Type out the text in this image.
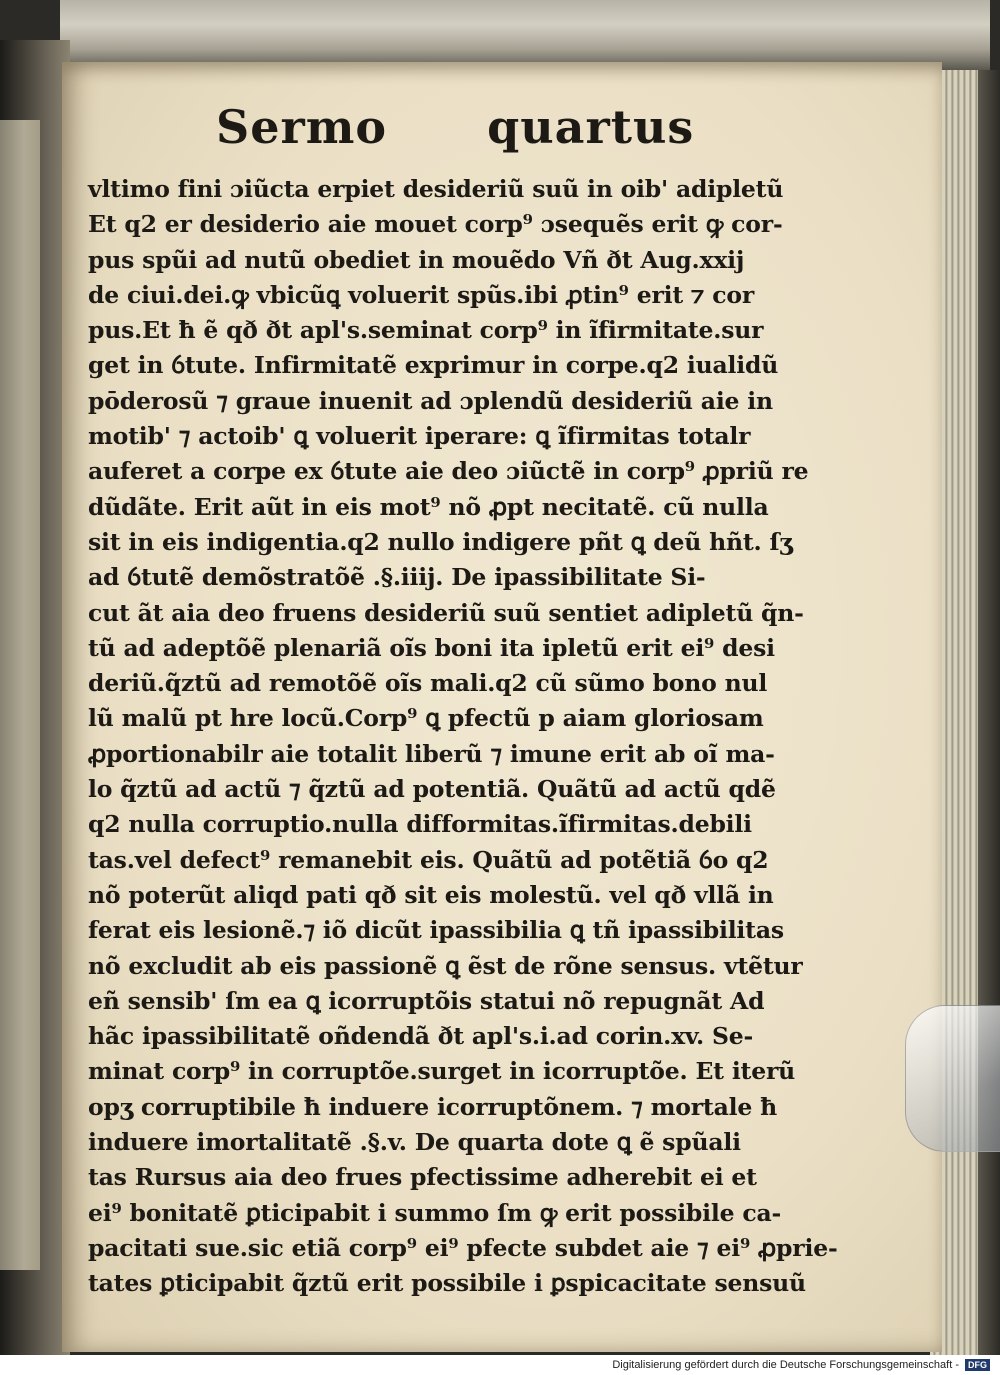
Sermo quartus
vltimo fini ɔiũcta erpiet desideriũ suũ in oib' adipletũ
Et q2 er desiderio aie mouet corp⁹ ɔsequẽs erit ꝙ cor-
pus spũi ad nutũ obediet in mouẽdo Vñ ðt Aug.xxij
de ciui.dei.ꝙ vbicũꝗ voluerit spũs.ibi ꝓtin⁹ erit ⁊ cor
pus.Et ħ ẽ qð ðt apl's.seminat corp⁹ in ĩfirmitate.sur
get in ỽtute. Infirmitatẽ exprimur in corpe.q2 iualidũ
pōderosũ ⁊ graue inuenit ad ɔplendũ desideriũ aie in
motib' ⁊ actoib' ꝗ voluerit iperare: ꝗ ĩfirmitas totalr
auferet a corpe ex ỽtute aie deo ɔiũctẽ in corp⁹ ꝓpriũ re
dũdãte. Erit aũt in eis mot⁹ nõ ꝓpt necitatẽ. cũ nulla
sit in eis indigentia.q2 nullo indigere pñt ꝗ deũ hñt. ſʒ
ad ỽtutẽ demõstratõẽ .§.iiij. De ipassibilitate Si-
cut ãt aia deo fruens desideriũ suũ sentiet adipletũ q̃n-
tũ ad adeptõẽ plenariã oĩs boni ita ipletũ erit ei⁹ desi
deriũ.q̃ztũ ad remotõẽ oĩs mali.q2 cũ sũmo bono nul
lũ malũ pt hre locũ.Corp⁹ ꝗ pfectũ p aiam gloriosam
ꝓportionabilr aie totalit liberũ ⁊ imune erit ab oĩ ma-
lo q̃ztũ ad actũ ⁊ q̃ztũ ad potentiã. Quãtũ ad actũ qdẽ
q2 nulla corruptio.nulla difformitas.ĩfirmitas.debili
tas.vel defect⁹ remanebit eis. Quãtũ ad potẽtiã ỽo q2
nõ poterũt aliqd pati qð sit eis molestũ. vel qð vllã in
ferat eis lesionẽ.⁊ iõ dicũt ipassibilia ꝗ tñ ipassibilitas
nõ excludit ab eis passionẽ ꝗ ẽst de rõne sensus. vtẽtur
eñ sensib' ſm ea ꝗ icorruptõis statui nõ repugnãt Ad
hãc ipassibilitatẽ oñdendã ðt apl's.i.ad corin.xv. Se-
minat corp⁹ in corruptõe.surget in icorruptõe. Et iterũ
opʒ corruptibile ħ induere icorruptõnem. ⁊ mortale ħ
induere imortalitatẽ .§.v. De quarta dote ꝗ ẽ spũali
tas Rursus aia deo frues pfectissime adherebit ei et
ei⁹ bonitatẽ ꝑticipabit i summo ſm ꝙ erit possibile ca-
pacitati sue.sic etiã corp⁹ ei⁹ pfecte subdet aie ⁊ ei⁹ ꝓprie-
tates ꝑticipabit q̃ztũ erit possibile i ꝑspicacitate sensuũ
Digitalisierung gefördert durch die Deutsche Forschungsgemeinschaft -	DFG
